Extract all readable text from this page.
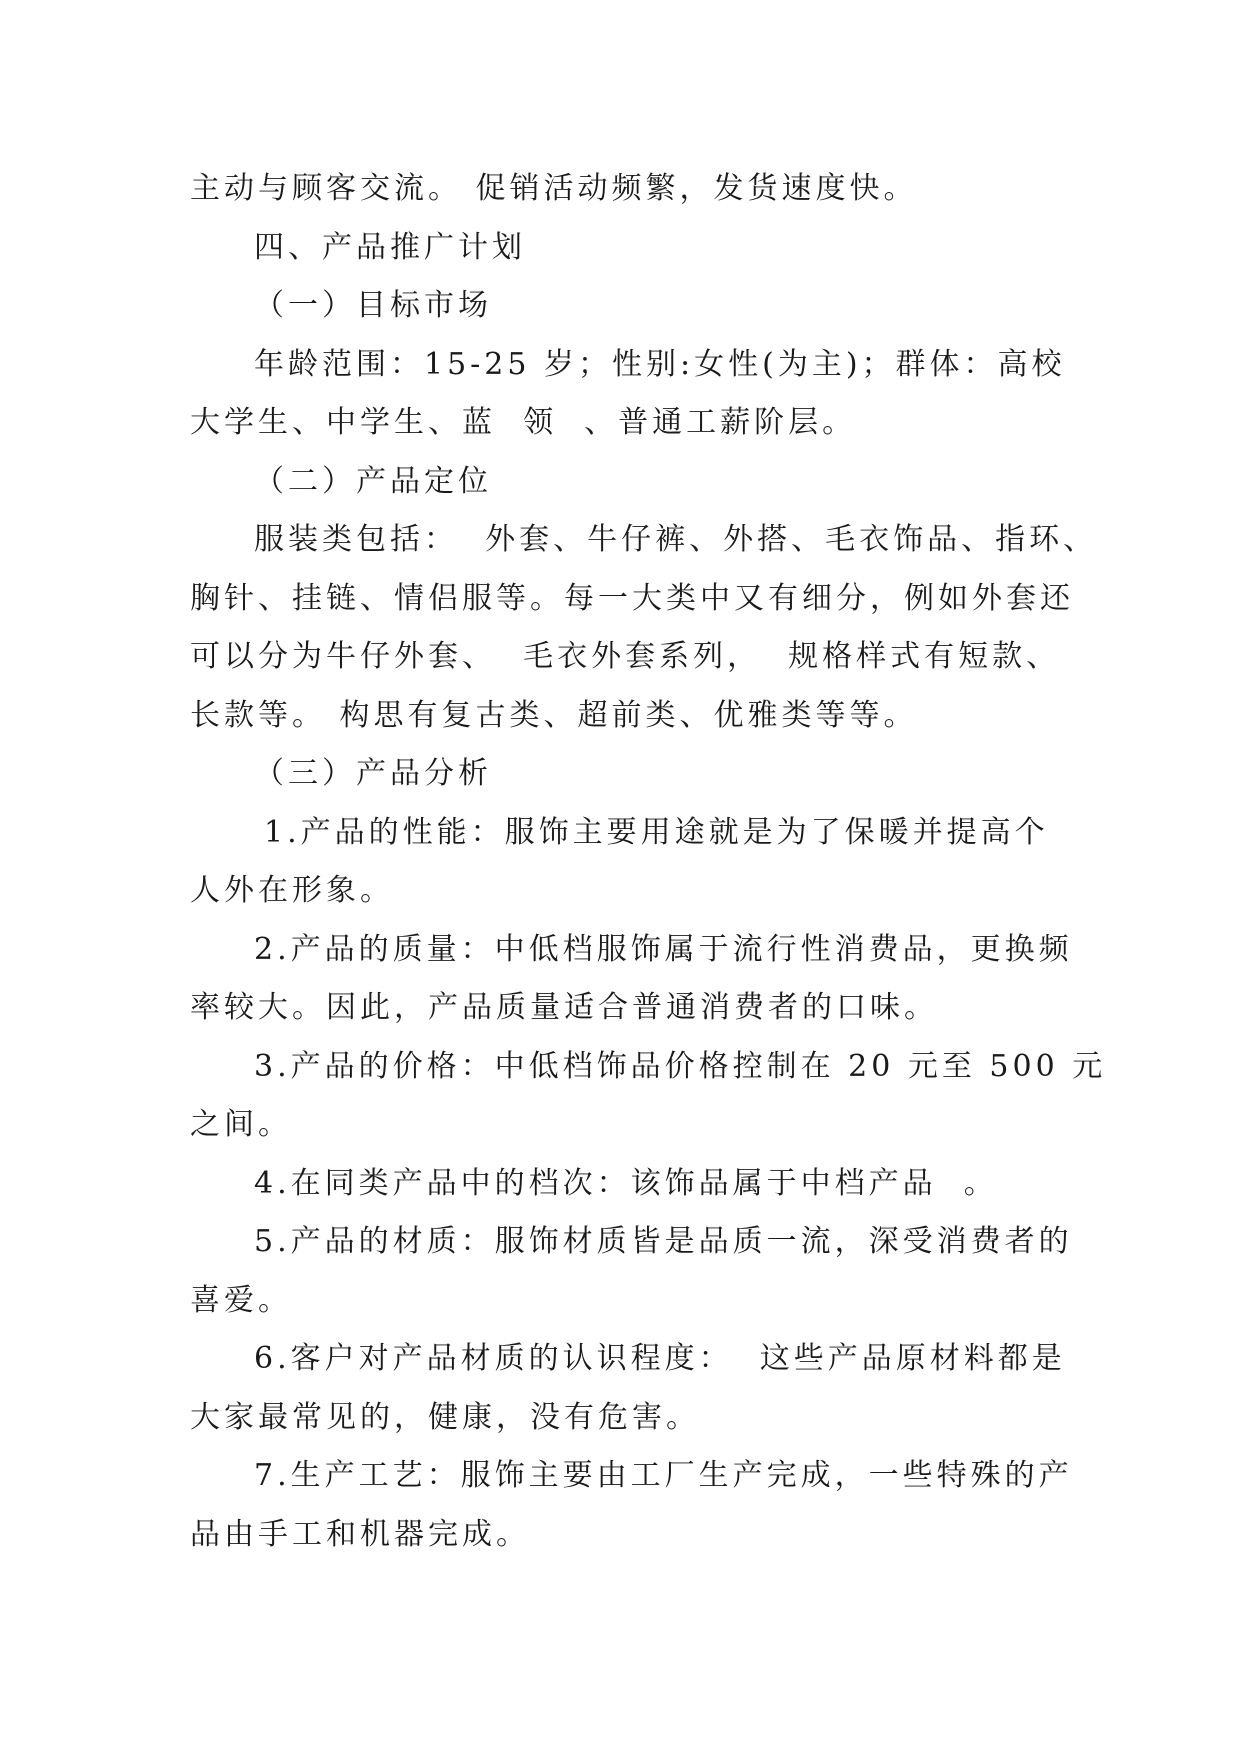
主动与顾客交流。 促销活动频繁，发货速度快。
四、产品推广计划
（一）目标市场
年龄范围：15-25 岁；性别:女性(为主)；群体：高校
大学生、中学生、蓝  领  、普通工薪阶层。
（二）产品定位
服装类包括：  外套、牛仔裤、外搭、毛衣饰品、指环、
胸针、挂链、情侣服等。每一大类中又有细分，例如外套还
可以分为牛仔外套、  毛衣外套系列，  规格样式有短款、
长款等。 构思有复古类、超前类、优雅类等等。
（三）产品分析
1.产品的性能：服饰主要用途就是为了保暖并提高个
人外在形象。
2.产品的质量：中低档服饰属于流行性消费品，更换频
率较大。因此，产品质量适合普通消费者的口味。
3.产品的价格：中低档饰品价格控制在 20 元至 500 元
之间。
4.在同类产品中的档次：该饰品属于中档产品  。
5.产品的材质：服饰材质皆是品质一流，深受消费者的
喜爱。
6.客户对产品材质的认识程度：  这些产品原材料都是
大家最常见的，健康，没有危害。
7.生产工艺：服饰主要由工厂生产完成，一些特殊的产
品由手工和机器完成。
